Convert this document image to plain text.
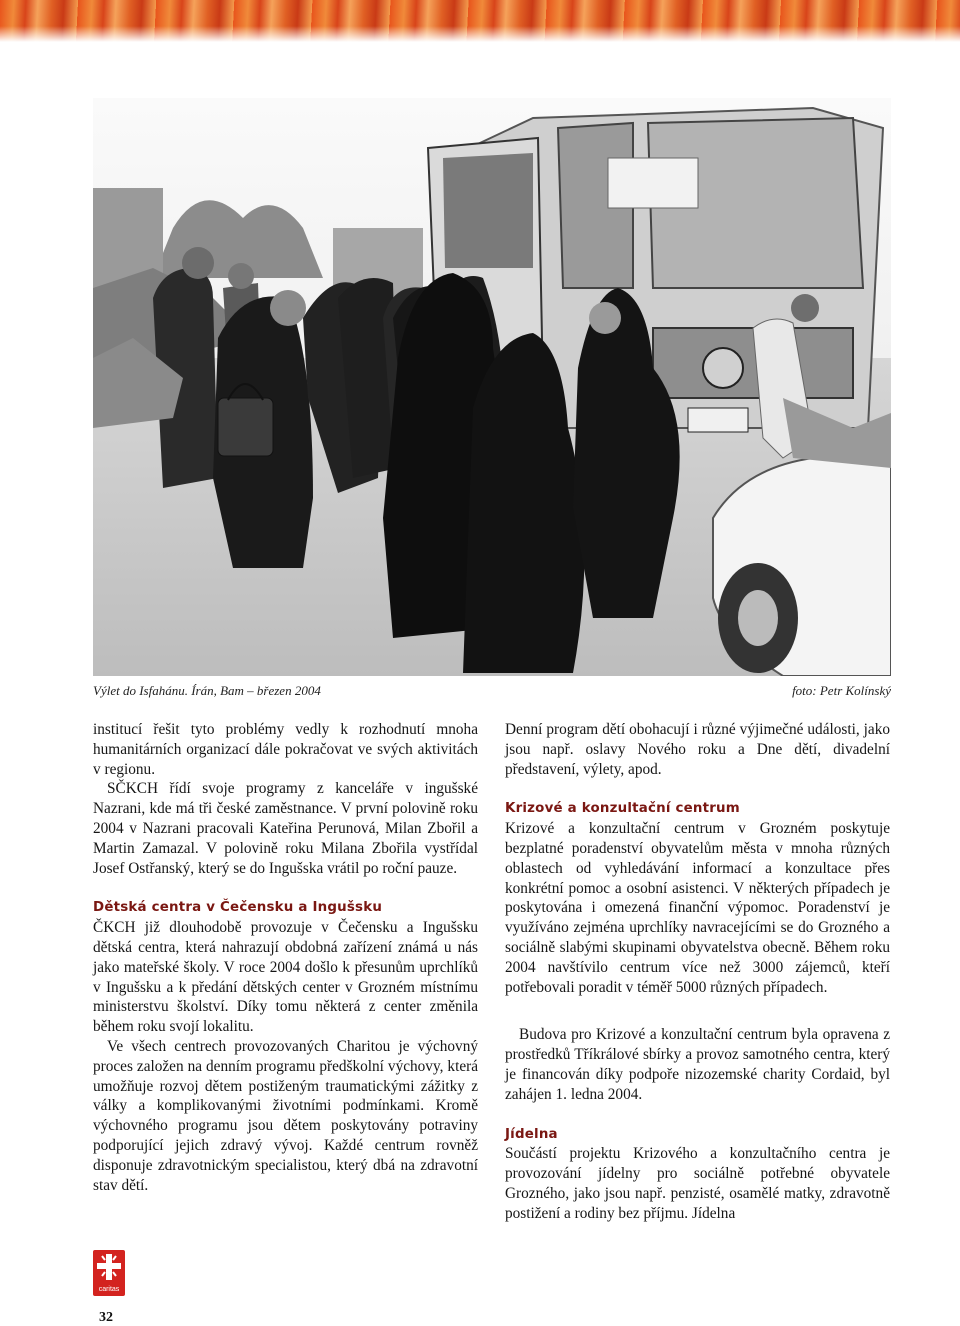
Výlet do Isfahánu. Írán, Bam – březen 2004	foto: Petr Kolínský

institucí řešit tyto problémy vedly k rozhodnutí mnoha humanitárních organizací dále pokračovat ve svých aktivitách v regionu.

SČKCH řídí svoje programy z kanceláře v ingušské Nazrani, kde má tři české zaměstnance. V první polovině roku 2004 v Nazrani pracovali Kateřina Perunová, Milan Zbořil a Martin Zamazal. V polovině roku Milana Zbořila vystřídal Josef Ostřanský, který se do Ingušska vrátil po roční pauze.

Dětská centra v Čečensku a Ingušsku

ČKCH již dlouhodobě provozuje v Čečensku a Ingušsku dětská centra, která nahrazují obdobná zařízení známá u nás jako mateřské školy. V roce 2004 došlo k přesunům uprchlíků v Ingušsku a k předání dětských center v Grozném místnímu ministerstvu školství. Díky tomu některá z center změnila během roku svojí lokalitu.

Ve všech centrech provozovaných Charitou je výchovný proces založen na denním programu předškolní výchovy, která umožňuje rozvoj dětem postiženým traumatickými zážitky z války a komplikovanými životními podmínkami. Kromě výchovného programu jsou dětem poskytovány potraviny podporující jejich zdravý vývoj. Každé centrum rovněž disponuje zdravotnickým specialistou, který dbá na zdravotní stav dětí.

Denní program dětí obohacují i různé výjimečné události, jako jsou např. oslavy Nového roku a Dne dětí, divadelní představení, výlety, apod.

Krizové a konzultační centrum

Krizové a konzultační centrum v Grozném poskytuje bezplatné poradenství obyvatelům města v mnoha různých oblastech od vyhledávání informací a konzultace přes konkrétní pomoc a osobní asistenci. V některých případech je poskytována i omezená finanční výpomoc. Poradenství je využíváno zejména uprchlíky navracejícími se do Grozného a sociálně slabými skupinami obyvatelstva obecně. Během roku 2004 navštívilo centrum více než 3000 zájemců, kteří potřebovali poradit v téměř 5000 různých případech.

Budova pro Krizové a konzultační centrum byla opravena z prostředků Tříkrálové sbírky a provoz samotného centra, který je financován díky podpoře nizozemské charity Cordaid, byl zahájen 1. ledna 2004.

Jídelna

Součástí projektu Krizového a konzultačního centra je provozování jídelny pro sociálně potřebné obyvatele Grozného, jako jsou např. penzisté, osamělé matky, zdravotně postižení a rodiny bez příjmu. Jídelna

caritas
32
